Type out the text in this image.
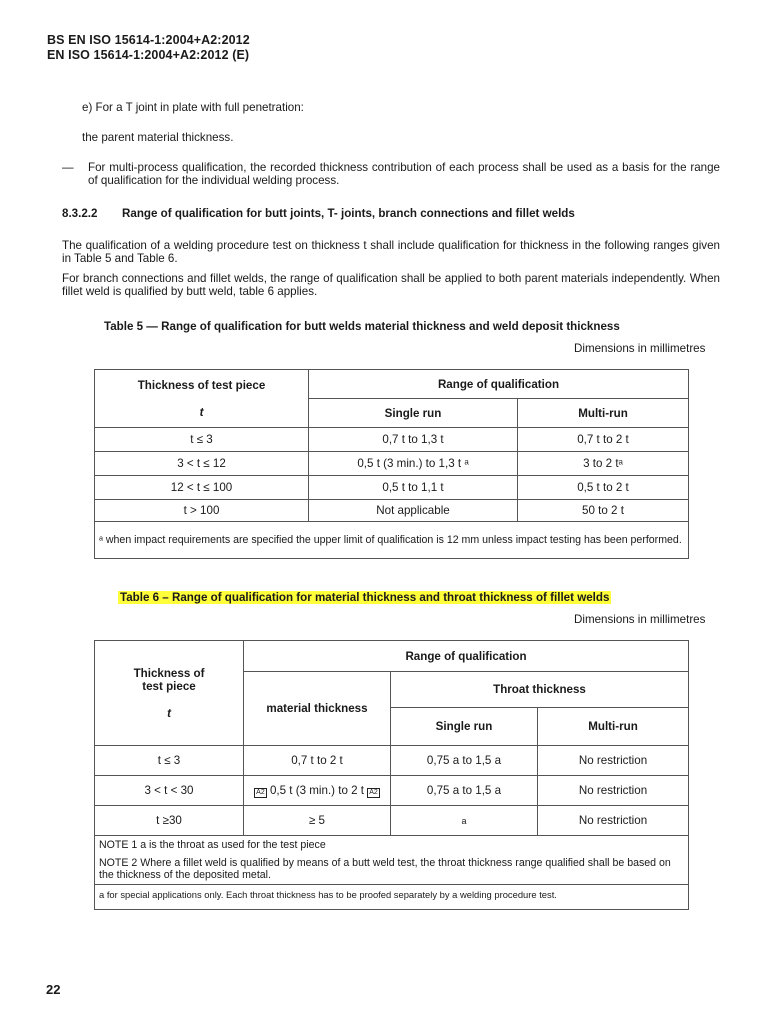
BS EN ISO 15614-1:2004+A2:2012
EN ISO 15614-1:2004+A2:2012 (E)
e) For a T joint in plate with full penetration:
the parent material thickness.
— For multi-process qualification, the recorded thickness contribution of each process shall be used as a basis for the range of qualification for the individual welding process.
8.3.2.2 Range of qualification for butt joints, T- joints, branch connections and fillet welds
The qualification of a welding procedure test on thickness t shall include qualification for thickness in the following ranges given in Table 5 and Table 6.
For branch connections and fillet welds, the range of qualification shall be applied to both parent materials independently. When fillet weld is qualified by butt weld, table 6 applies.
Table 5 — Range of qualification for butt welds material thickness and weld deposit thickness
Dimensions in millimetres
Thickness of test piece
t	Range of qualification	
	Single run	Multi-run
t ≤ 3	0,7 t to 1,3 t	0,7 t to 2 t
3 < t ≤ 12	0,5 t (3 min.) to 1,3 t ᵃ	3 to 2 tᵃ
12 < t ≤ 100	0,5 t to 1,1 t	0,5 t to 2 t
t > 100	Not applicable	50 to 2 t
ᵃ when impact requirements are specified the upper limit of qualification is 12 mm unless impact testing has been performed.		
Table 6 – Range of qualification for material thickness and throat thickness of fillet welds
Dimensions in millimetres
Thickness of test piece
t	Range of qualification		
	material thickness	Throat thickness	
		Single run	Multi-run
t ≤ 3	0,7 t to 2 t	0,75 a to 1,5 a	No restriction
3 < t < 30	A2 0,5 t (3 min.) to 2 t A2	0,75 a to 1,5 a	No restriction
t ≥30	≥ 5	a	No restriction

NOTE 1 a is the throat as used for the test piece
NOTE 2 Where a fillet weld is qualified by means of a butt weld test, the throat thickness range qualified shall be based on the thickness of the deposited metal.			

a for special applications only. Each throat thickness has to be proofed separately by a welding procedure test.			
22
